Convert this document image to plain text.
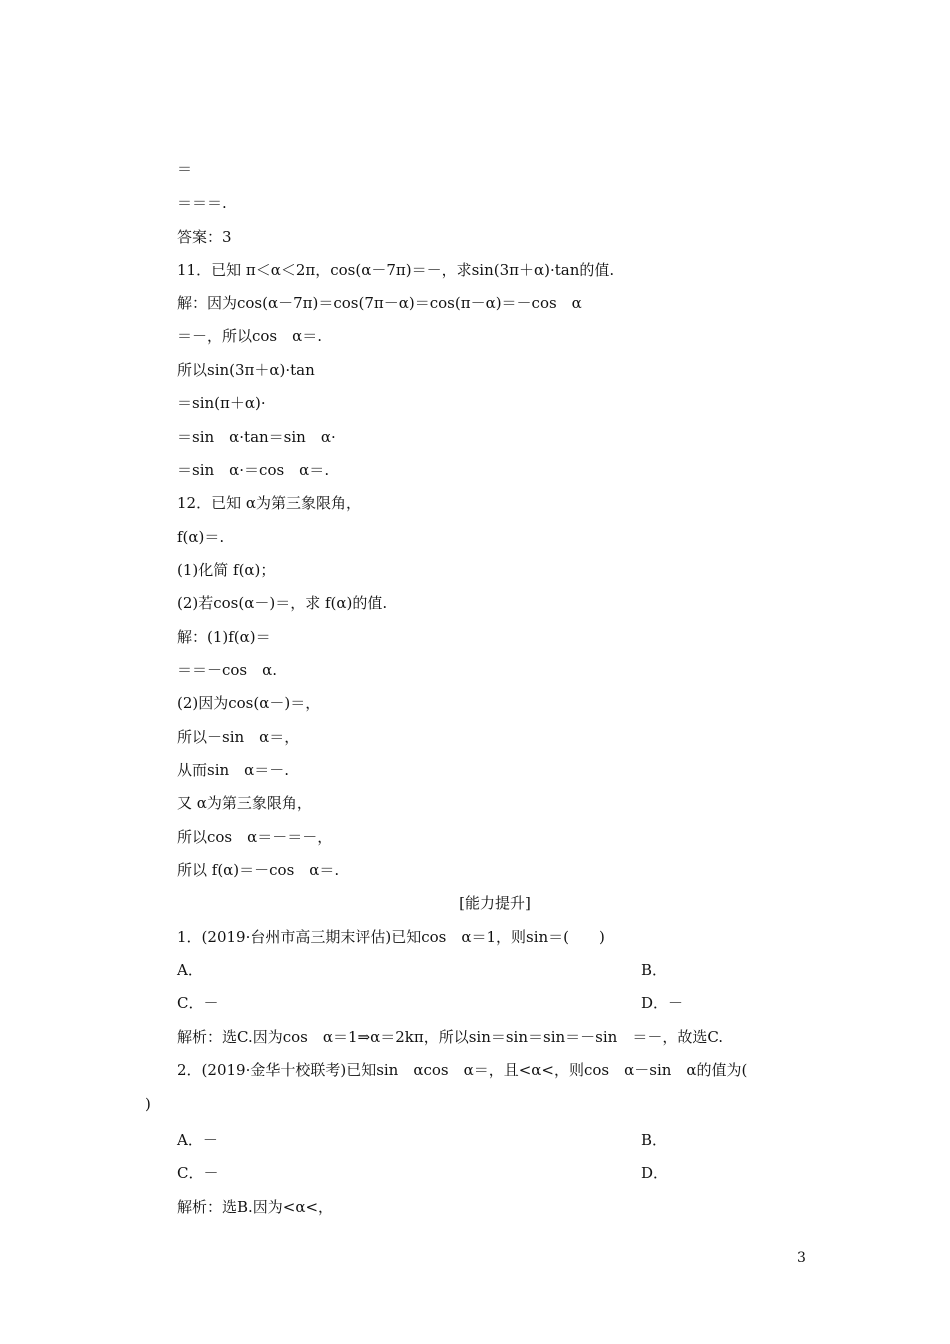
＝
＝＝＝.
答案：3
11．已知 π＜α＜2π，cos(α－7π)＝－，求sin(3π＋α)·tan的值.
解：因为cos(α－7π)＝cos(7π－α)＝cos(π－α)＝－cos　α
＝－，所以cos　α＝.
所以sin(3π＋α)·tan
＝sin(π＋α)·
＝sin　α·tan＝sin　α·
＝sin　α·＝cos　α＝.
12．已知 α为第三象限角，
f(α)＝.
(1)化简 f(α)；
(2)若cos(α－)＝，求 f(α)的值.
解：(1)f(α)＝
＝＝－cos　α.
(2)因为cos(α－)＝，
所以－sin　α＝，
从而sin　α＝－.
又 α为第三象限角，
所以cos　α＝－＝－，
所以 f(α)＝－cos　α＝.
[能力提升]
1．(2019·台州市高三期末评估)已知cos　α＝1，则sin＝(　　)
A．	B．
C．－	D．－
解析：选C.因为cos　α＝1⇒α＝2kπ，所以sin＝sin＝sin＝－sin　＝－，故选C.
2．(2019·金华十校联考)已知sin　αcos　α＝，且<α<，则cos　α－sin　α的值为(
)
A．－	B．
C．－	D．
解析：选B.因为<α<，
3
